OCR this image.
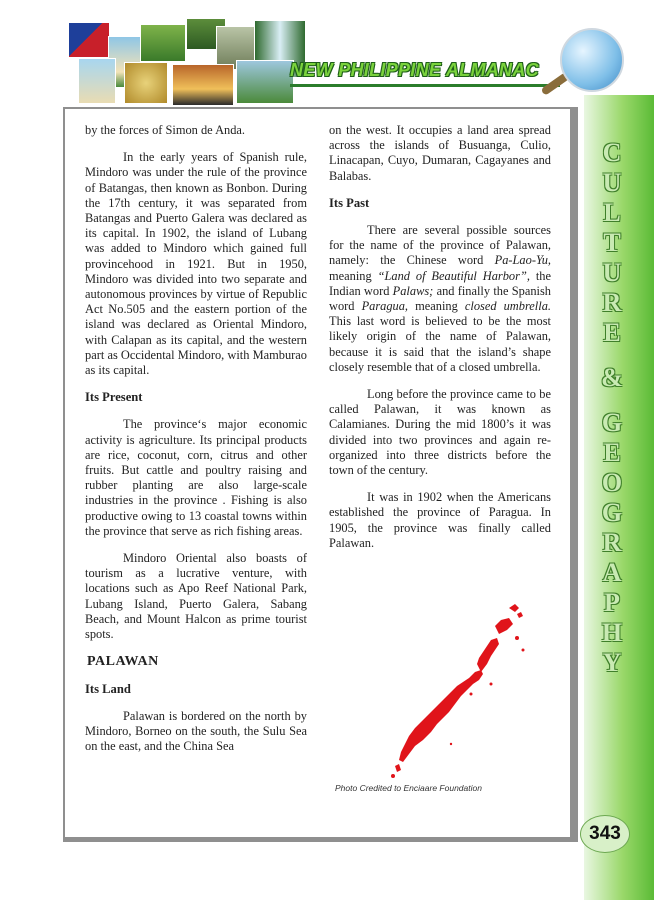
NEW PHILIPPINE ALMANAC
C
U
L
T
U
R
E
&
G
E
O
G
R
A
P
H
Y

by the forces of Simon de Anda.

In the early years of Spanish rule, Mindoro was under the rule of the province of Batangas, then known as Bonbon. During the 17th century, it was separated from Batangas and Puerto Galera was declared as its capital. In 1902, the island of Lubang was added to Mindoro which gained full provincehood in 1921. But in 1950, Mindoro was divided into two separate and autonomous provinces by virtue of Republic Act No.505 and the eastern portion of the island was declared as Oriental Mindoro, with Calapan as its capital, and the western part as Occidental Mindoro, with Mamburao as its capital.

Its Present

The province‘s major economic activity is agriculture. Its principal products are rice, coconut, corn, citrus and other fruits. But cattle and poultry raising and rubber planting are also large-scale industries in the province . Fishing is also productive owing to 13 coastal towns within the province that serve as rich fishing areas.

Mindoro Oriental also boasts of tourism as a lucrative venture, with locations such as Apo Reef National Park, Lubang Island, Puerto Galera, Sabang Beach, and Mount Halcon as prime tourist spots.

PALAWAN
Its Land

Palawan is bordered on the north by Mindoro, Borneo on the south, the Sulu Sea on the east, and the China Sea

on the west. It occupies a land area spread across the islands of Busuanga, Culio, Linacapan, Cuyo, Dumaran, Cagayanes and Balabas.

Its Past

There are several possible sources for the name of the province of Palawan, namely: the Chinese word Pa-Lao-Yu, meaning “Land of Beautiful Harbor”, the Indian word Palaws; and finally the Spanish word Paragua, meaning closed umbrella. This last word is believed to be the most likely origin of the name of Palawan, because it is said that the island’s shape closely resemble that of a closed umbrella.

Long before the province came to be called Palawan, it was known as Calamianes. During the mid 1800’s it was divided into two provinces and again re-organized into three districts before the town of the century.

It was in 1902 when the Americans established the province of Paragua. In 1905, the province was finally called Palawan.

Photo Credited to Enciaare Foundation
343
